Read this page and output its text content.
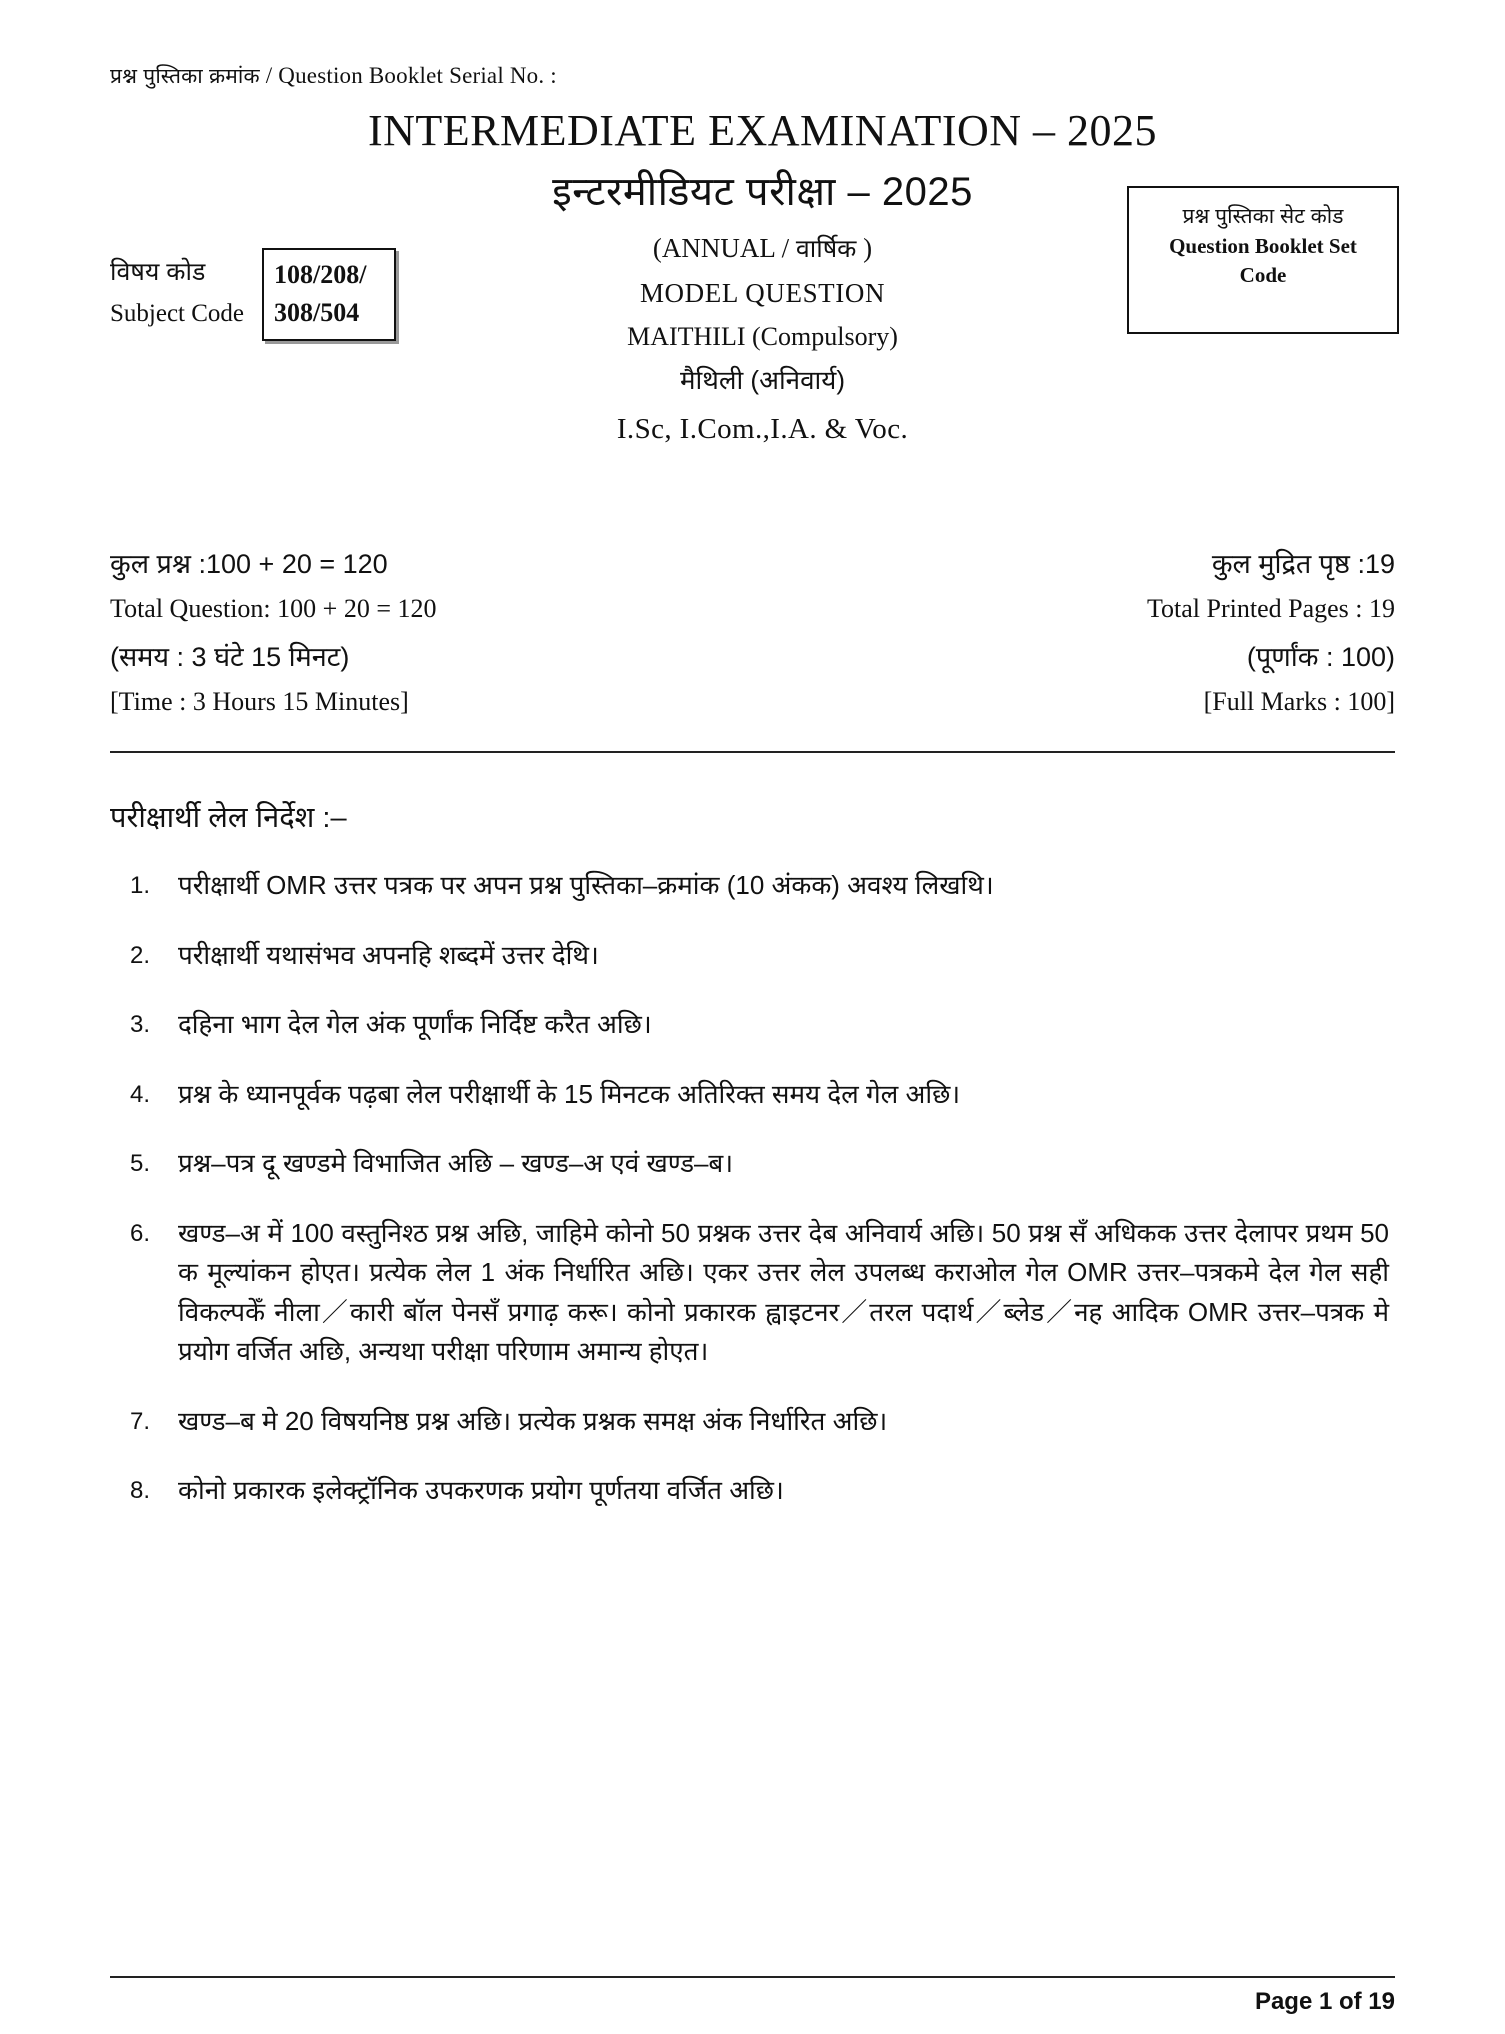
प्रश्न पुस्तिका क्रमांक / Question Booklet Serial No. :
INTERMEDIATE EXAMINATION – 2025
इन्टरमीडियट परीक्षा – 2025
(ANNUAL / वार्षिक )
MODEL QUESTION
MAITHILI (Compulsory)
मैथिली (अनिवार्य)
I.Sc, I.Com.,I.A. & Voc.
विषय कोड
Subject Code
108/208/
308/504
प्रश्न पुस्तिका सेट कोड
Question Booklet Set
Code
कुल प्रश्न :100 + 20 = 120	कुल मुद्रित पृष्ठ :19
Total Question: 100 + 20 = 120	Total Printed Pages : 19
(समय : 3 घंटे 15 मिनट)	(पूर्णांक : 100)
[Time : 3 Hours 15 Minutes]	[Full Marks : 100]
परीक्षार्थी लेल निर्देश :–
1.	परीक्षार्थी OMR उत्तर पत्रक पर अपन प्रश्न पुस्तिका–क्रमांक (10 अंकक) अवश्य लिखथि।
2.	परीक्षार्थी यथासंभव अपनहि शब्दमें उत्तर देथि।
3.	दहिना भाग देल गेल अंक पूर्णांक निर्दिष्ट करैत अछि।
4.	प्रश्न के ध्यानपूर्वक पढ़बा लेल परीक्षार्थी के 15 मिनटक अतिरिक्त समय देल गेल अछि।
5.	प्रश्न–पत्र दू खण्डमे विभाजित अछि – खण्ड–अ एवं खण्ड–ब।
6.	खण्ड–अ में 100 वस्तुनिश्ठ प्रश्न अछि, जाहिमे कोनो 50 प्रश्नक उत्तर देब अनिवार्य अछि। 50 प्रश्न सँ अधिकक उत्तर देलापर प्रथम 50 क मूल्यांकन होएत। प्रत्येक लेल 1 अंक निर्धारित अछि। एकर उत्तर लेल उपलब्ध कराओल गेल OMR उत्तर–पत्रकमे देल गेल सही विकल्पकेँ नीला／कारी बॉल पेनसँ प्रगाढ़ करू। कोनो प्रकारक ह्वाइटनर／तरल पदार्थ／ब्लेड／नह आदिक OMR उत्तर–पत्रक मे प्रयोग वर्जित अछि, अन्यथा परीक्षा परिणाम अमान्य होएत।
7.	खण्ड–ब मे 20 विषयनिष्ठ प्रश्न अछि। प्रत्येक प्रश्नक समक्ष अंक निर्धारित अछि।
8.	कोनो प्रकारक इलेक्ट्रॉनिक उपकरणक प्रयोग पूर्णतया वर्जित अछि।
Page 1 of 19
